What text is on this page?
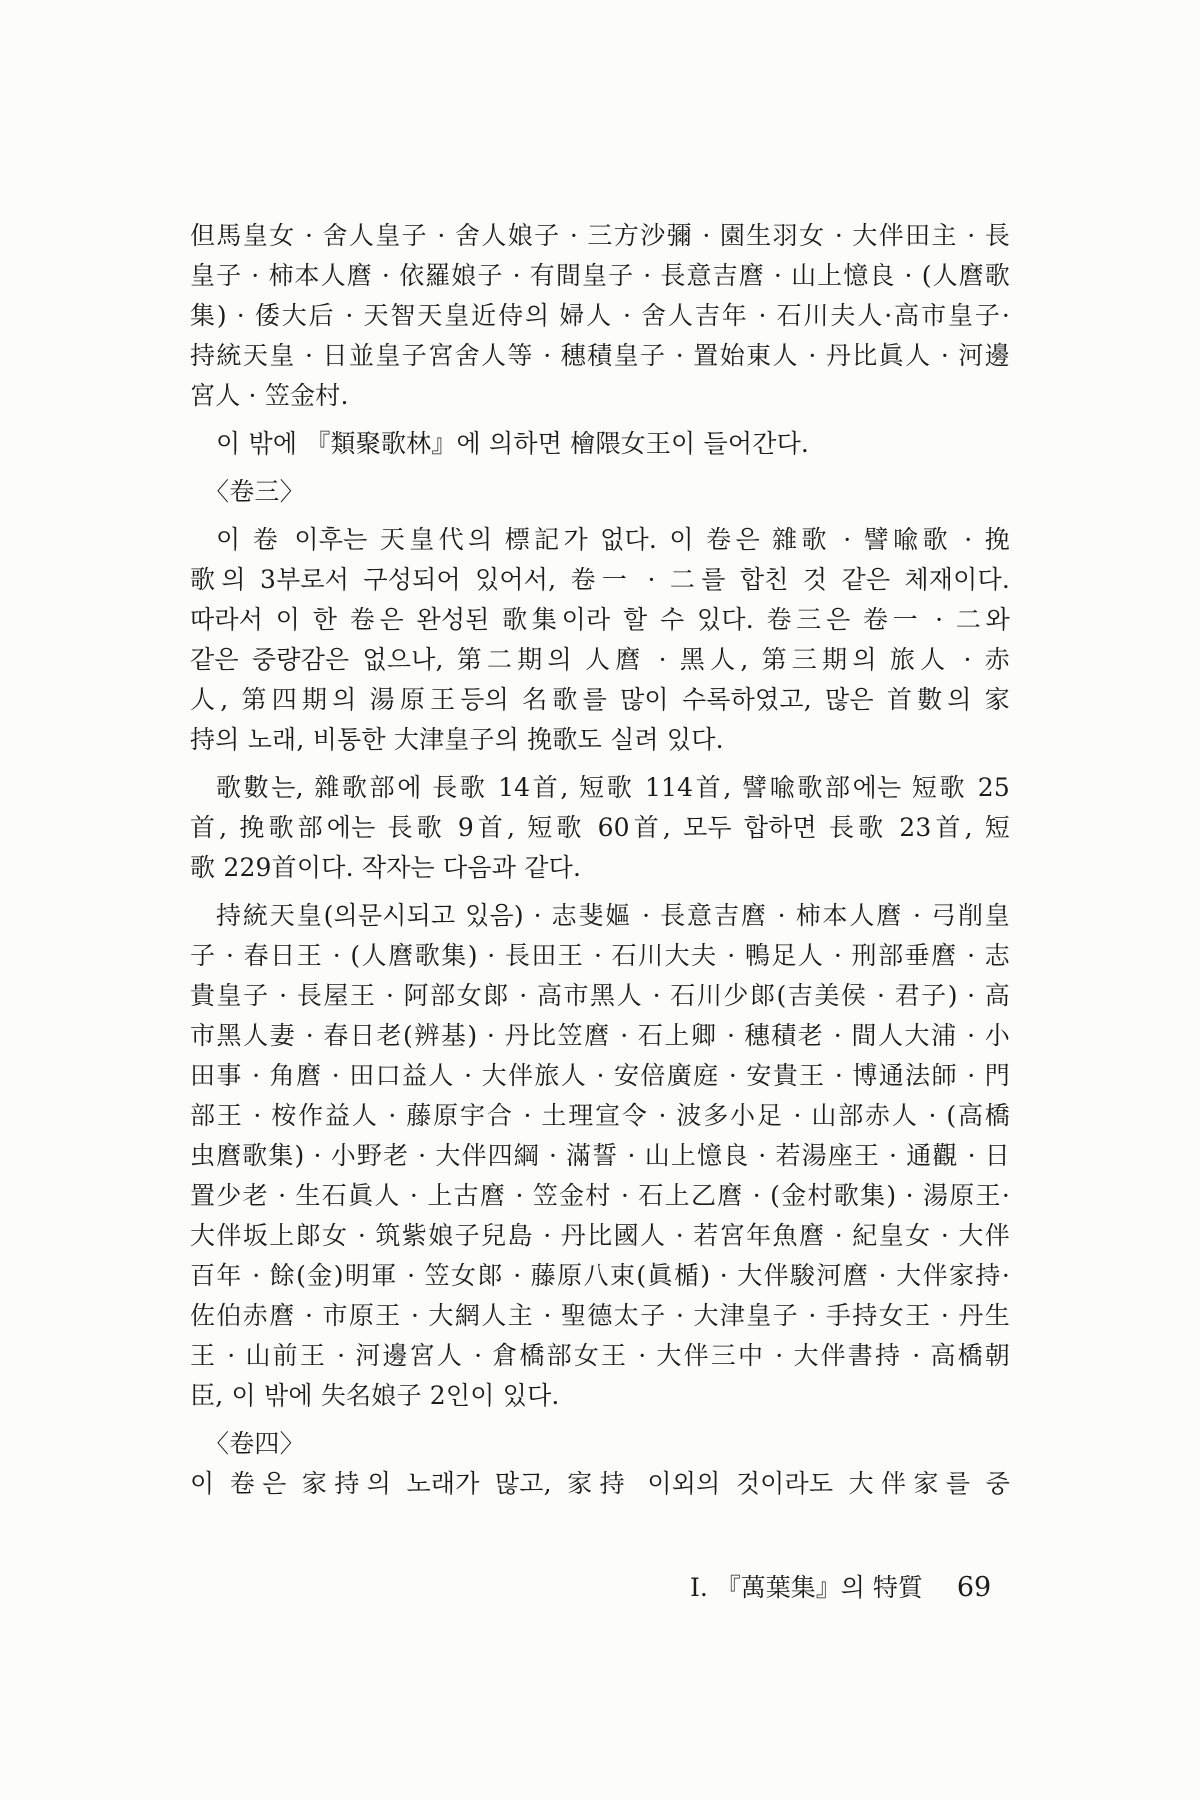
但馬皇女 · 舍人皇子 · 舍人娘子 · 三方沙彌 · 園生羽女 · 大伴田主 · 長
皇子 · 柿本人麿 · 依羅娘子 · 有間皇子 · 長意吉麿 · 山上憶良 · (人麿歌
集) · 倭大后 · 天智天皇近侍의 婦人 · 舍人吉年 · 石川夫人·高市皇子·
持統天皇 · 日並皇子宮舍人等 · 穗積皇子 · 置始東人 · 丹比眞人 · 河邊
宮人 · 笠金村.
이 밖에 『類聚歌林』에 의하면 檜隈女王이 들어간다.
〈卷三〉
이 卷 이후는 天皇代의 標記가 없다. 이 卷은 雜歌 · 譬喩歌 · 挽
歌의 3부로서 구성되어 있어서, 卷一 · 二를 합친 것 같은 체재이다.
따라서 이 한 卷은 완성된 歌集이라 할 수 있다. 卷三은 卷一 · 二와
같은 중량감은 없으나, 第二期의 人麿 · 黑人, 第三期의 旅人 · 赤
人, 第四期의 湯原王등의 名歌를 많이 수록하였고, 많은 首數의 家
持의 노래, 비통한 大津皇子의 挽歌도 실려 있다.
歌數는, 雜歌部에 長歌 14首, 短歌 114首, 譬喩歌部에는 短歌 25
首, 挽歌部에는 長歌 9首, 短歌 60首, 모두 합하면 長歌 23首, 短
歌 229首이다. 작자는 다음과 같다.
持統天皇(의문시되고 있음) · 志斐嫗 · 長意吉麿 · 柿本人麿 · 弓削皇
子 · 春日王 · (人麿歌集) · 長田王 · 石川大夫 · 鴨足人 · 刑部垂麿 · 志
貴皇子 · 長屋王 · 阿部女郞 · 高市黑人 · 石川少郞(吉美侯 · 君子) · 高
市黑人妻 · 春日老(辨基) · 丹比笠麿 · 石上卿 · 穗積老 · 間人大浦 · 小
田事 · 角麿 · 田口益人 · 大伴旅人 · 安倍廣庭 · 安貴王 · 博通法師 · 門
部王 · 桉作益人 · 藤原宇合 · 土理宣令 · 波多小足 · 山部赤人 · (高橋
虫麿歌集) · 小野老 · 大伴四綱 · 滿誓 · 山上憶良 · 若湯座王 · 通觀 · 日
置少老 · 生石眞人 · 上古麿 · 笠金村 · 石上乙麿 · (金村歌集) · 湯原王·
大伴坂上郞女 · 筑紫娘子兒島 · 丹比國人 · 若宮年魚麿 · 紀皇女 · 大伴
百年 · 餘(金)明軍 · 笠女郞 · 藤原八束(眞楯) · 大伴駿河麿 · 大伴家持·
佐伯赤麿 · 市原王 · 大網人主 · 聖德太子 · 大津皇子 · 手持女王 · 丹生
王 · 山前王 · 河邊宮人 · 倉橋部女王 · 大伴三中 · 大伴書持 · 高橋朝
臣, 이 밖에 失名娘子 2인이 있다.
〈卷四〉
이 卷은 家持의 노래가 많고, 家持 이외의 것이라도 大伴家를 중
I. 『萬葉集』의 特質 69
